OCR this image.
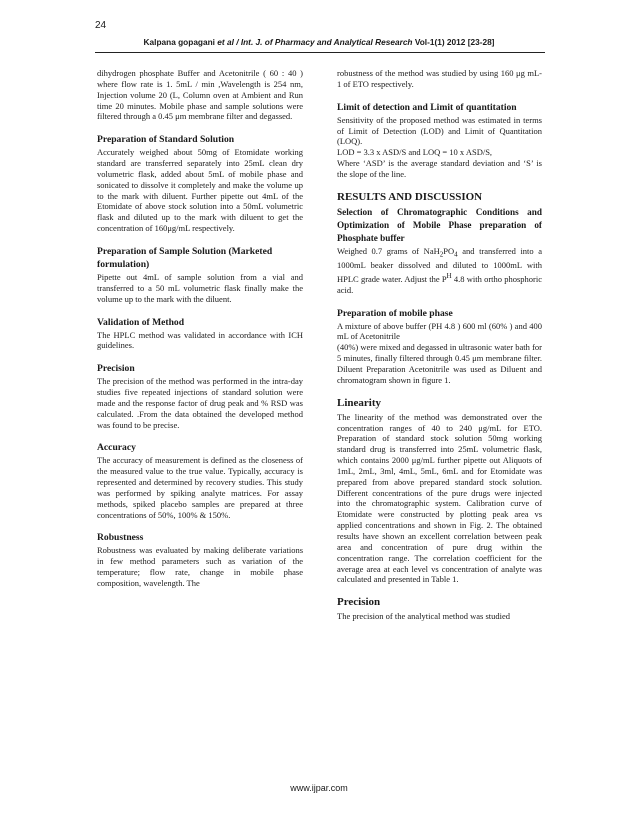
24
Kalpana gopagani et al / Int. J. of Pharmacy and Analytical Research Vol-1(1) 2012 [23-28]

dihydrogen phosphate Buffer and Acetonitrile ( 60 : 40 ) where flow rate is 1. 5mL / min ,Wavelength is 254 nm, Injection volume 20 (L, Column oven at Ambient and Run time 20 minutes. Mobile phase and sample solutions were filtered through a 0.45 μm membrane filter and degassed.

Preparation of Standard Solution

Accurately weighed about 50mg of Etomidate working standard are transferred separately into 25mL clean dry volumetric flask, added about 5mL of mobile phase and sonicated to dissolve it completely and make the volume up to the mark with diluent. Further pipette out 4mL of the Etomidate of above stock solution into a 50mL volumetric flask and diluted up to the mark with diluent to get the concentration of 160μg/mL respectively.

Preparation of Sample Solution (Marketed formulation)

Pipette out 4mL of sample solution from a vial and transferred to a 50 mL volumetric flask finally make the volume up to the mark with the diluent.

Validation of Method

The HPLC method was validated in accordance with ICH guidelines.

Precision

The precision of the method was performed in the intra-day studies five repeated injections of standard solution were made and the response factor of drug peak and % RSD was calculated. .From the data obtained the developed method was found to be precise.

Accuracy

The accuracy of measurement is defined as the closeness of the measured value to the true value. Typically, accuracy is represented and determined by recovery studies. This study was performed by spiking analyte matrices. For assay methods, spiked placebo samples are prepared at three concentrations of 50%, 100% & 150%.

Robustness

Robustness was evaluated by making deliberate variations in few method parameters such as variation of the temperature; flow rate, change in mobile phase composition, wavelength. The

robustness of the method was studied by using 160 μg mL-1 of ETO respectively.

Limit of detection and Limit of quantitation

Sensitivity of the proposed method was estimated in terms of Limit of Detection (LOD) and Limit of Quantitation (LOQ).

LOD = 3.3 x ASD/S and LOQ = 10 x ASD/S,

Where ‘ASD’ is the average standard deviation and ‘S’ is the slope of the line.

RESULTS AND DISCUSSION
Selection of Chromatographic Conditions and Optimization of Mobile Phase preparation of Phosphate buffer

Weighed 0.7 grams of $NaH_2PO_4$ and transferred into a 1000mL beaker dissolved and diluted to 1000mL with HPLC grade water. Adjust the $P^H$ 4.8 with ortho phosphoric acid.

Preparation of mobile phase

A mixture of above buffer (PH 4.8 ) 600 ml (60% ) and 400 mL of Acetonitrile

(40%) were mixed and degassed in ultrasonic water bath for 5 minutes, finally filtered through 0.45 μm membrane filter. Diluent Preparation Acetonitrile was used as Diluent and chromatogram shown in figure 1.

Linearity

The linearity of the method was demonstrated over the concentration ranges of 40 to 240 μg/mL for ETO. Preparation of standard stock solution 50mg working standard drug is transferred into 25mL volumetric flask, which contains 2000 μg/mL further pipette out Aliquots of 1mL, 2mL, 3ml, 4mL, 5mL, 6mL and for Etomidate was prepared from above prepared standard stock solution. Different concentrations of the pure drugs were injected into the chromatographic system. Calibration curve of Etomidate were constructed by plotting peak area vs applied concentrations and shown in Fig. 2. The obtained results have shown an excellent correlation between peak area and concentration of pure drug within the concentration range. The correlation coefficient for the average area at each level vs concentration of analyte was calculated and presented in Table 1.

Precision

The precision of the analytical method was studied

www.ijpar.com
